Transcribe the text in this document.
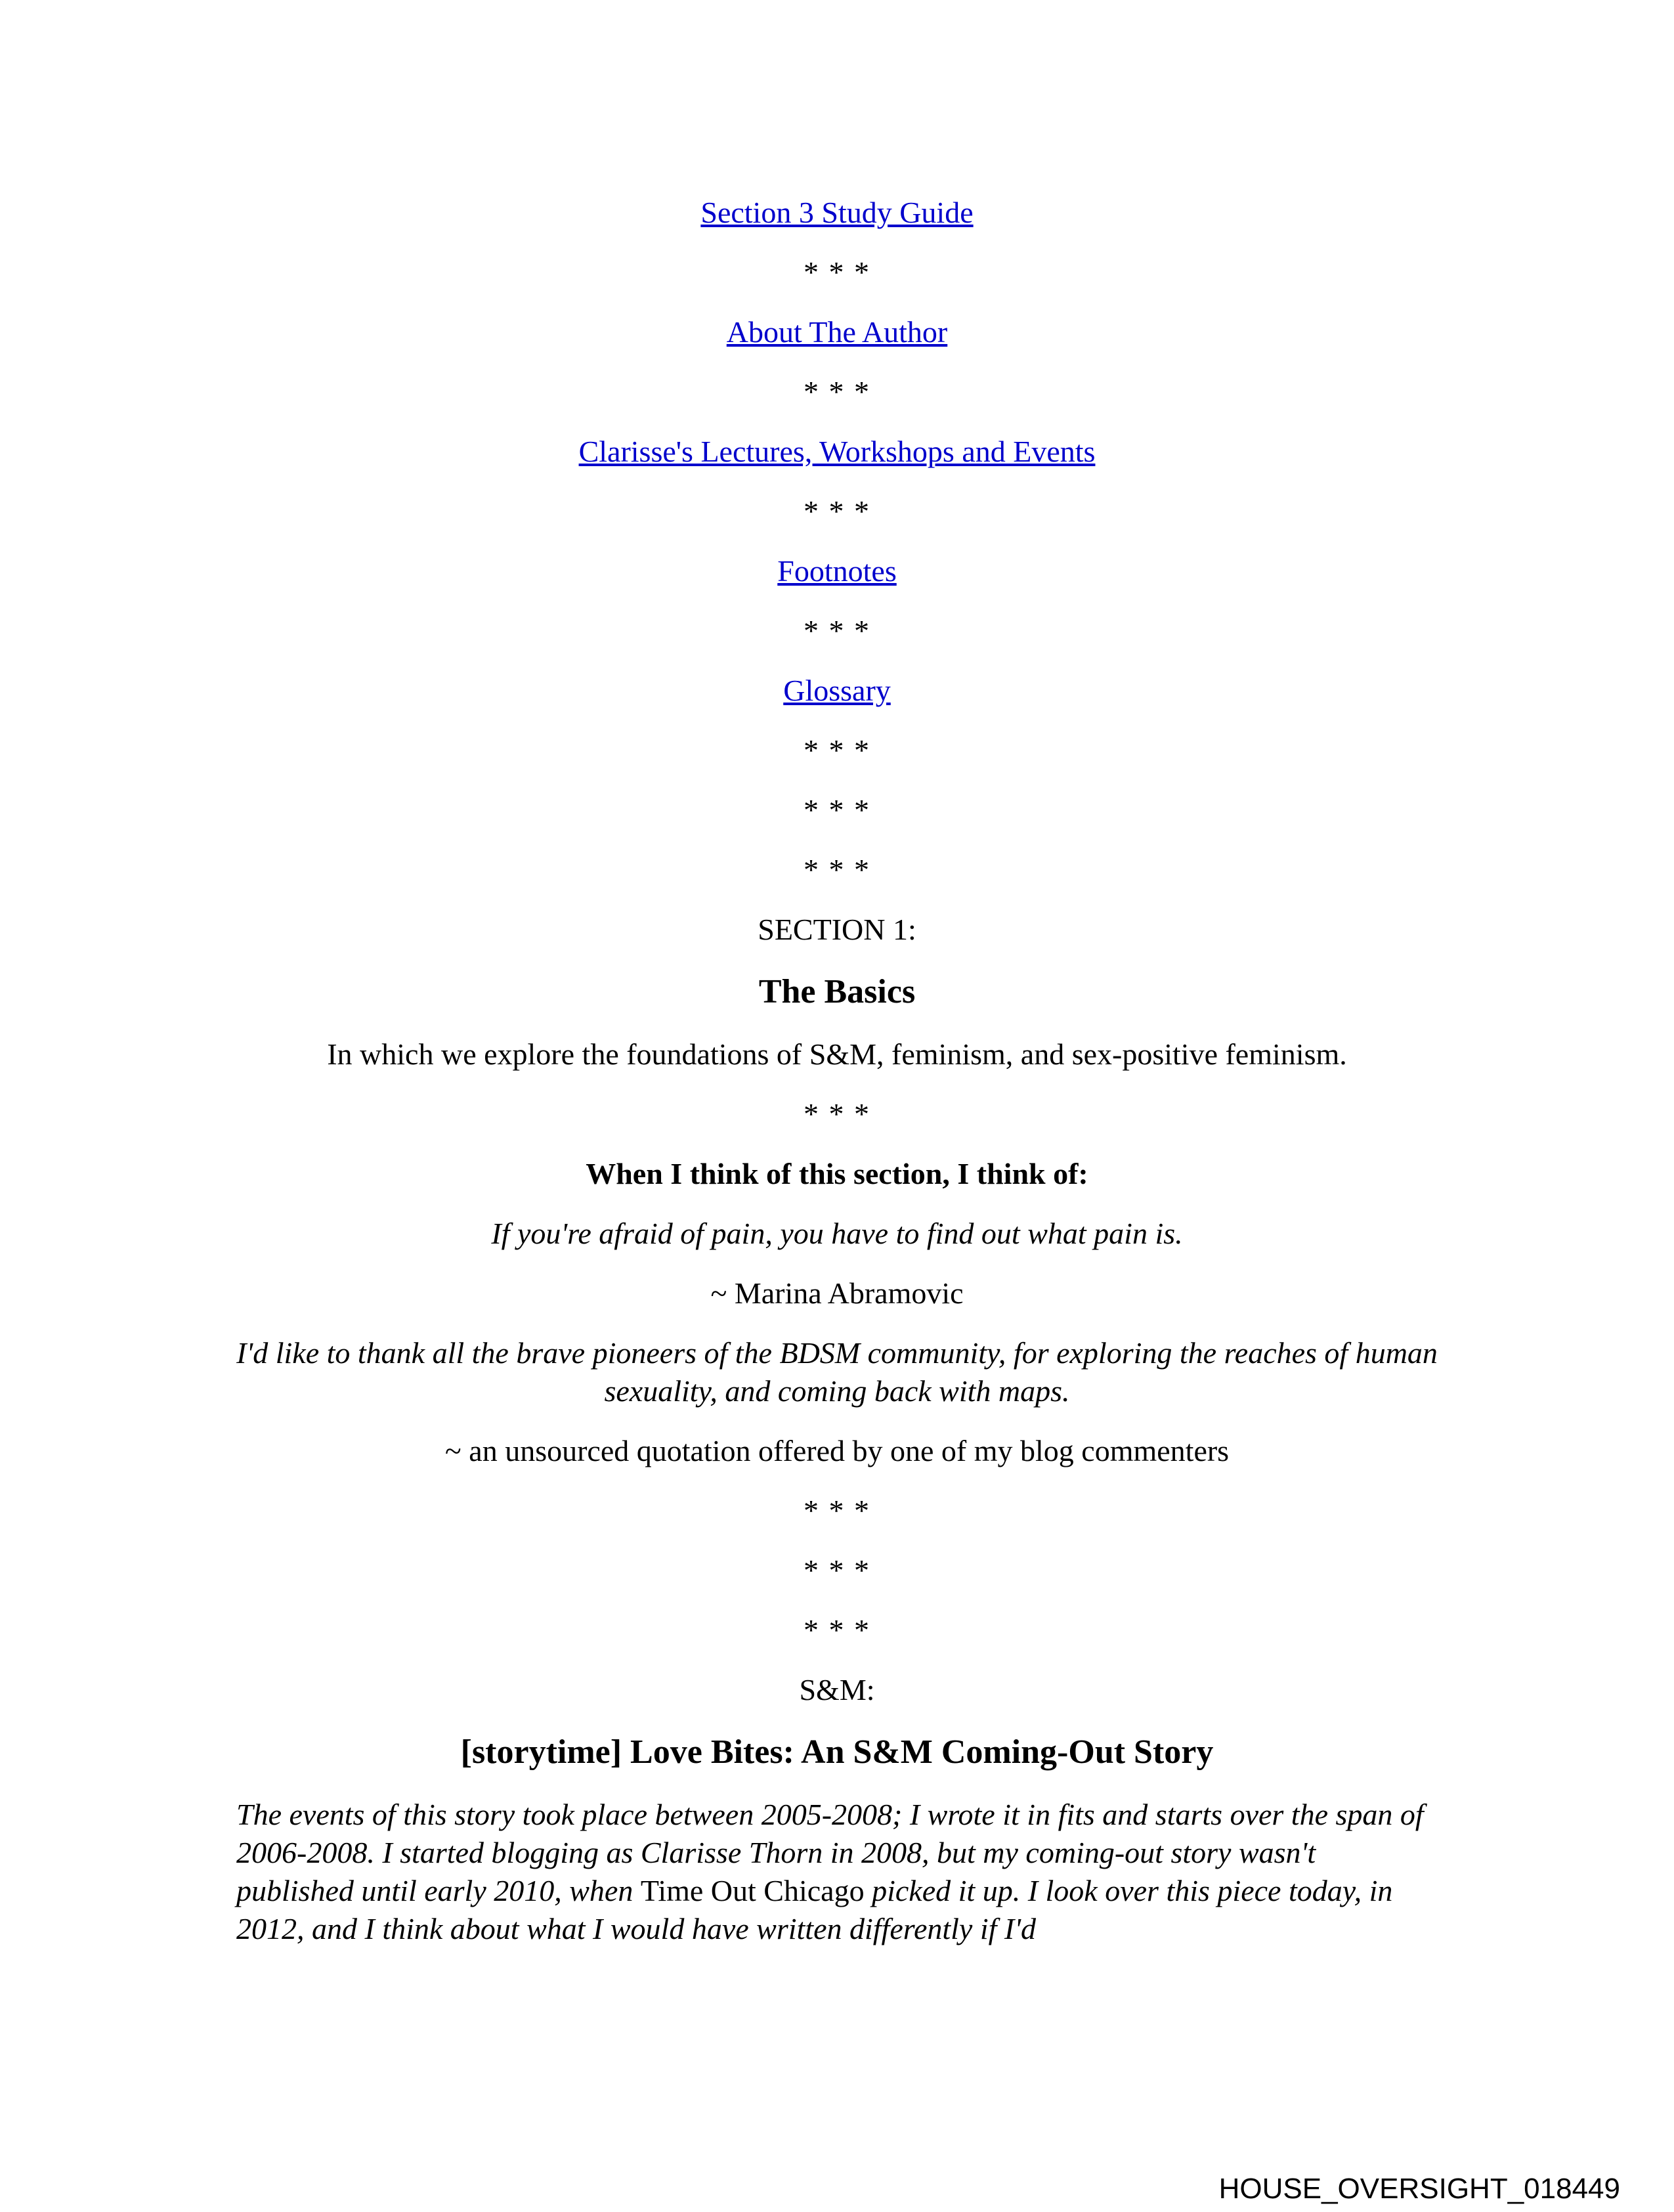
Section 3 Study Guide

* * *

About The Author

* * *

Clarisse's Lectures, Workshops and Events

* * *

Footnotes

* * *

Glossary

* * *

* * *

* * *

SECTION 1:

The Basics

In which we explore the foundations of S&M, feminism, and sex-positive feminism.

* * *

When I think of this section, I think of:

If you're afraid of pain, you have to find out what pain is.

~ Marina Abramovic

I'd like to thank all the brave pioneers of the BDSM community, for exploring the reaches of human sexuality, and coming back with maps.

~ an unsourced quotation offered by one of my blog commenters

* * *

* * *

* * *

S&M:

[storytime] Love Bites: An S&M Coming-Out Story

The events of this story took place between 2005-2008; I wrote it in fits and starts over the span of 2006-2008. I started blogging as Clarisse Thorn in 2008, but my coming-out story wasn't published until early 2010, when Time Out Chicago picked it up. I look over this piece today, in 2012, and I think about what I would have written differently if I'd

HOUSE_OVERSIGHT_018449
